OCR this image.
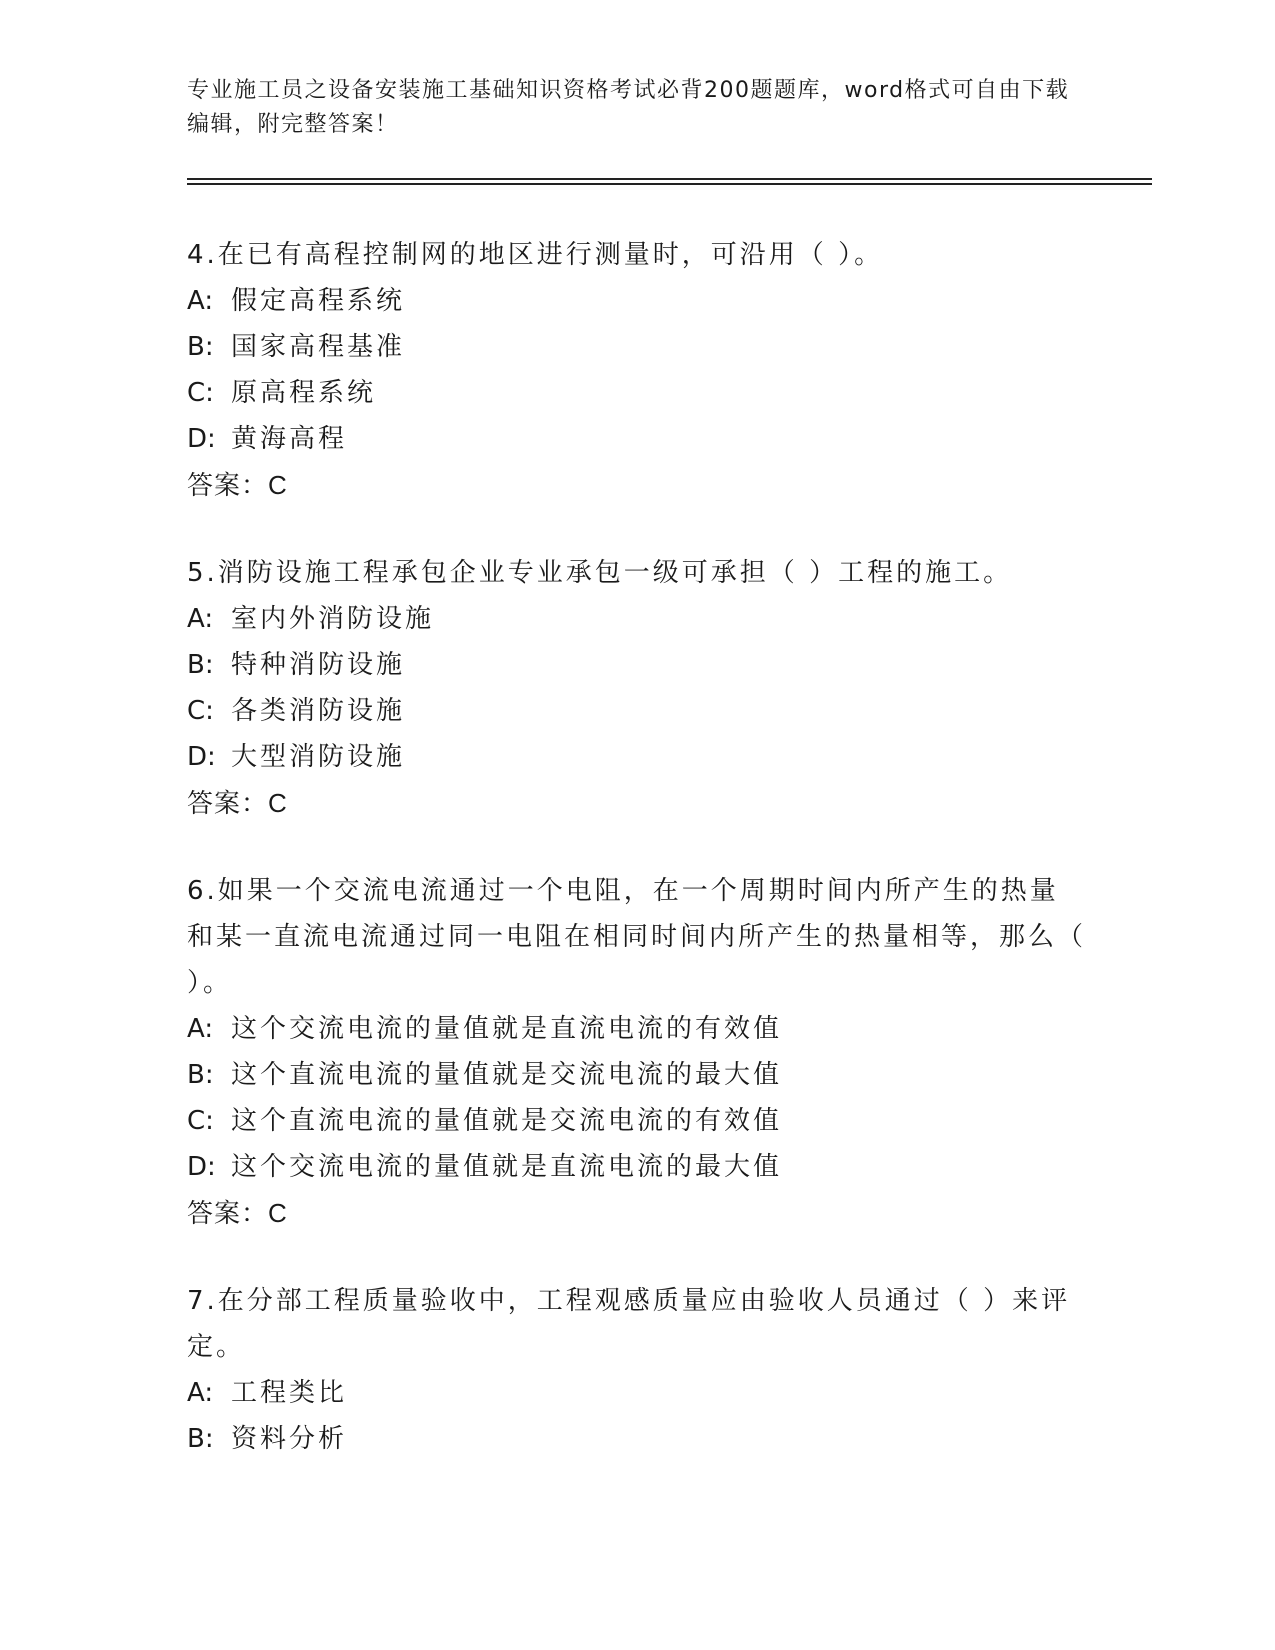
专业施工员之设备安装施工基础知识资格考试必背200题题库，word格式可自由下载编辑，附完整答案！

4.在已有高程控制网的地区进行测量时，可沿用（ ）。

A: 假定高程系统

B: 国家高程基准

C: 原高程系统

D: 黄海高程

答案：C

5.消防设施工程承包企业专业承包一级可承担（ ）工程的施工。

A: 室内外消防设施

B: 特种消防设施

C: 各类消防设施

D: 大型消防设施

答案：C

6.如果一个交流电流通过一个电阻，在一个周期时间内所产生的热量和某一直流电流通过同一电阻在相同时间内所产生的热量相等，那么（ ）。

A: 这个交流电流的量值就是直流电流的有效值

B: 这个直流电流的量值就是交流电流的最大值

C: 这个直流电流的量值就是交流电流的有效值

D: 这个交流电流的量值就是直流电流的最大值

答案：C

7.在分部工程质量验收中，工程观感质量应由验收人员通过（ ）来评定。

A: 工程类比

B: 资料分析
